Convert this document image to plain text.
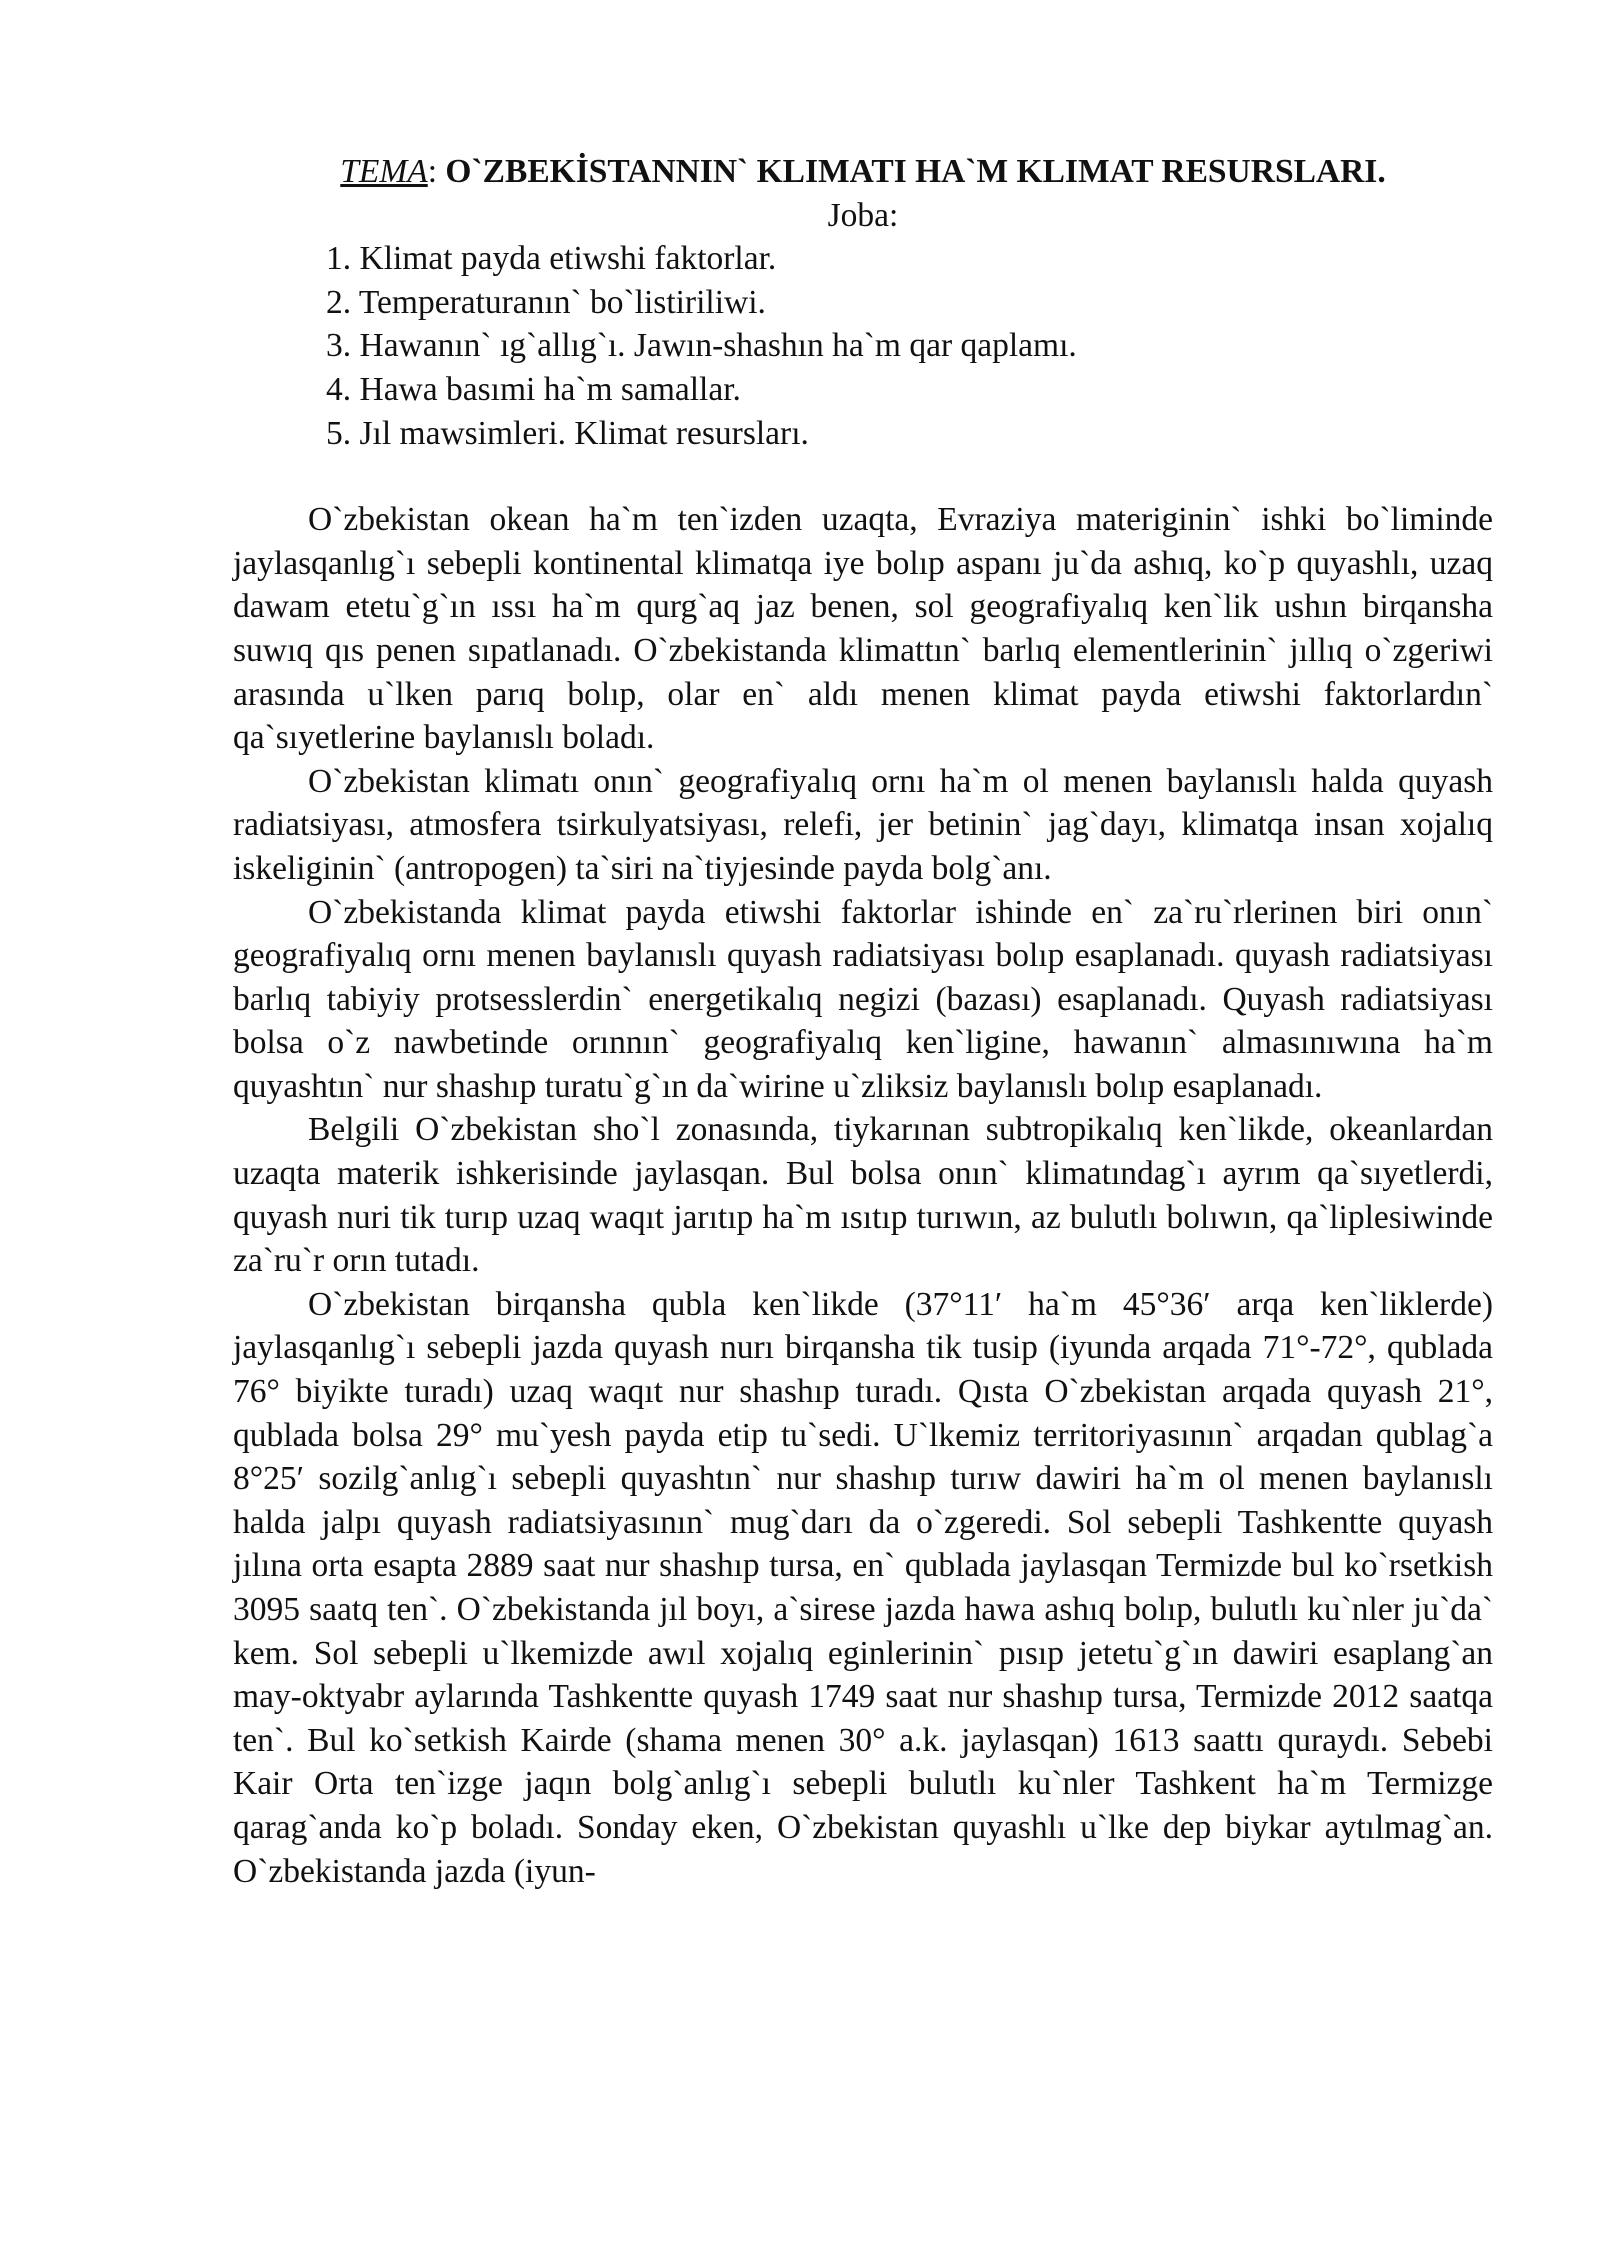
TEMA: O`ZBEKİSTANNIN` KLIMATI HA`M KLIMAT RESURSLARI.

Joba:

1. Klimat payda etiwshi faktorlar.
2. Temperaturanın` bo`listiriliwi.
3. Hawanın` ıg`allıg`ı. Jawın-shashın ha`m qar qaplamı.
4. Hawa basımi ha`m samallar.
5. Jıl mawsimleri. Klimat resursları.

O`zbekistan okean ha`m ten`izden uzaqta, Evraziya materiginin` ishki bo`liminde jaylasqanlıg`ı sebepli kontinental klimatqa iye bolıp aspanı ju`da ashıq, ko`p quyashlı, uzaq dawam etetu`g`ın ıssı ha`m qurg`aq jaz benen, sol geografiyalıq ken`lik ushın birqansha suwıq qıs penen sıpatlanadı. O`zbekistanda klimattın` barlıq elementlerinin` jıllıq o`zgeriwi arasında u`lken parıq bolıp, olar en` aldı menen klimat payda etiwshi faktorlardın` qa`sıyetlerine baylanıslı boladı.

O`zbekistan klimatı onın` geografiyalıq ornı ha`m ol menen baylanıslı halda quyash radiatsiyası, atmosfera tsirkulyatsiyası, relefi, jer betinin` jag`dayı, klimatqa insan xojalıq iskeliginin` (antropogen) ta`siri na`tiyjesinde payda bolg`anı.

O`zbekistanda klimat payda etiwshi faktorlar ishinde en` za`ru`rlerinen biri onın` geografiyalıq ornı menen baylanıslı quyash radiatsiyası bolıp esaplanadı. quyash radiatsiyası barlıq tabiyiy protsesslerdin` energetikalıq negizi (bazası) esaplanadı. Quyash radiatsiyası bolsa o`z nawbetinde orınnın` geografiyalıq ken`ligine, hawanın` almasınıwına ha`m quyashtın` nur shashıp turatu`g`ın da`wirine u`zliksiz baylanıslı bolıp esaplanadı.

Belgili O`zbekistan sho`l zonasında, tiykarınan subtropikalıq ken`likde, okeanlardan uzaqta materik ishkerisinde jaylasqan. Bul bolsa onın` klimatındag`ı ayrım qa`sıyetlerdi, quyash nuri tik turıp uzaq waqıt jarıtıp ha`m ısıtıp turıwın, az bulutlı bolıwın, qa`liplesiwinde za`ru`r orın tutadı.

O`zbekistan birqansha qubla ken`likde (37°11′ ha`m 45°36′ arqa ken`liklerde) jaylasqanlıg`ı sebepli jazda quyash nurı birqansha tik tusip (iyunda arqada 71°-72°, qublada 76° biyikte turadı) uzaq waqıt nur shashıp turadı. Qısta O`zbekistan arqada quyash 21°, qublada bolsa 29° mu`yesh payda etip tu`sedi. U`lkemiz territoriyasının` arqadan qublag`a 8°25′ sozilg`anlıg`ı sebepli quyashtın` nur shashıp turıw dawiri ha`m ol menen baylanıslı halda jalpı quyash radiatsiyasının` mug`darı da o`zgeredi. Sol sebepli Tashkentte quyash jılına orta esapta 2889 saat nur shashıp tursa, en` qublada jaylasqan Termizde bul ko`rsetkish 3095 saatq ten`. O`zbekistanda jıl boyı, a`sirese jazda hawa ashıq bolıp, bulutlı ku`nler ju`da` kem. Sol sebepli u`lkemizde awıl xojalıq eginlerinin` pısıp jetetu`g`ın dawiri esaplang`an may-oktyabr aylarında Tashkentte quyash 1749 saat nur shashıp tursa, Termizde 2012 saatqa ten`. Bul ko`setkish Kairde (shama menen 30° a.k. jaylasqan) 1613 saattı quraydı. Sebebi Kair Orta ten`izge jaqın bolg`anlıg`ı sebepli bulutlı ku`nler Tashkent ha`m Termizge qarag`anda ko`p boladı. Sonday eken, O`zbekistan quyashlı u`lke dep biykar aytılmag`an. O`zbekistanda jazda (iyun-
